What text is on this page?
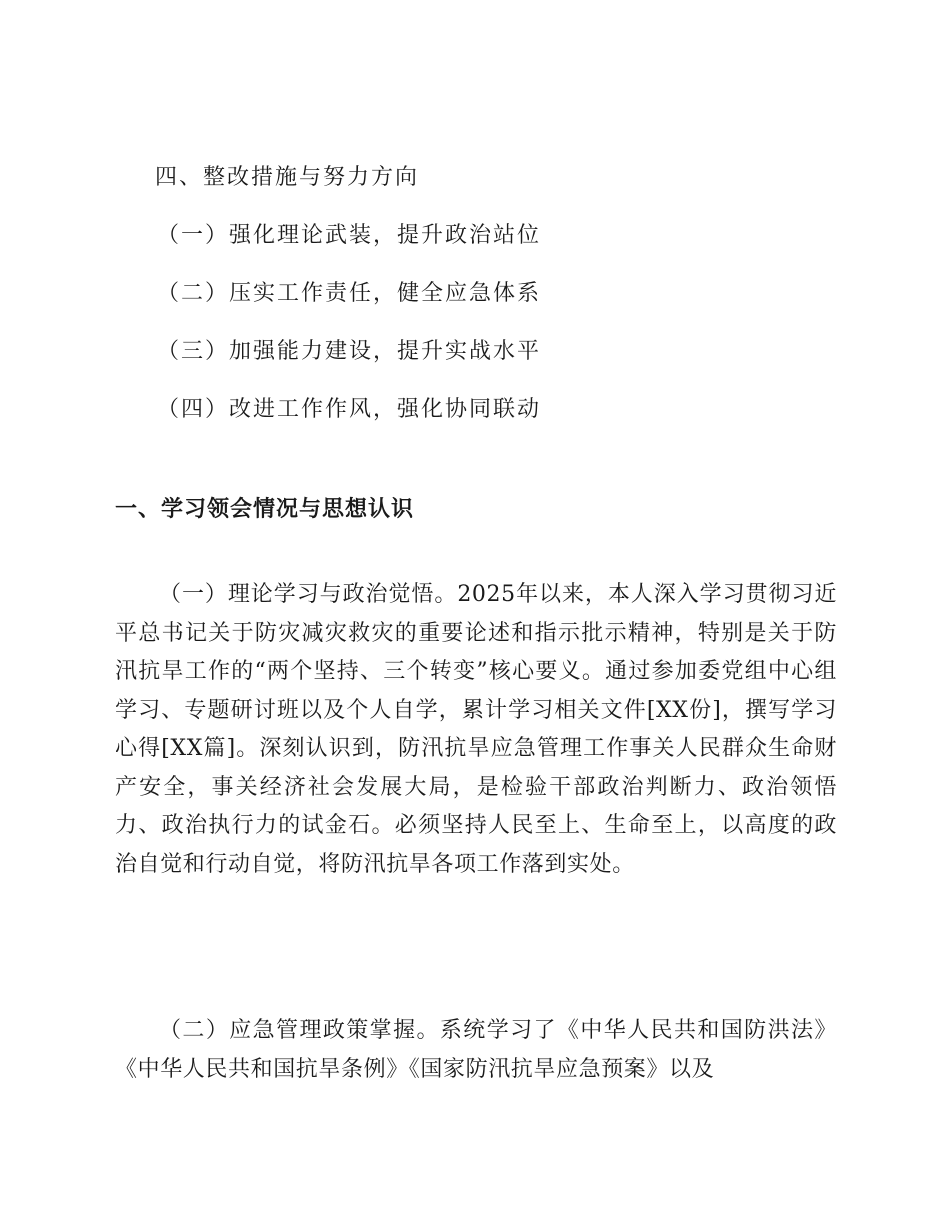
四、整改措施与努力方向
（一）强化理论武装，提升政治站位
（二）压实工作责任，健全应急体系
（三）加强能力建设，提升实战水平
（四）改进工作作风，强化协同联动
一、学习领会情况与思想认识

（一）理论学习与政治觉悟。2025年以来，本人深入学习贯彻习近平总书记关于防灾减灾救灾的重要论述和指示批示精神，特别是关于防汛抗旱工作的“两个坚持、三个转变”核心要义。通过参加委党组中心组学习、专题研讨班以及个人自学，累计学习相关文件[XX份]，撰写学习心得[XX篇]。深刻认识到，防汛抗旱应急管理工作事关人民群众生命财产安全，事关经济社会发展大局，是检验干部政治判断力、政治领悟力、政治执行力的试金石。必须坚持人民至上、生命至上，以高度的政治自觉和行动自觉，将防汛抗旱各项工作落到实处。

（二）应急管理政策掌握。系统学习了《中华人民共和国防洪法》《中华人民共和国抗旱条例》《国家防汛抗旱应急预案》以及
